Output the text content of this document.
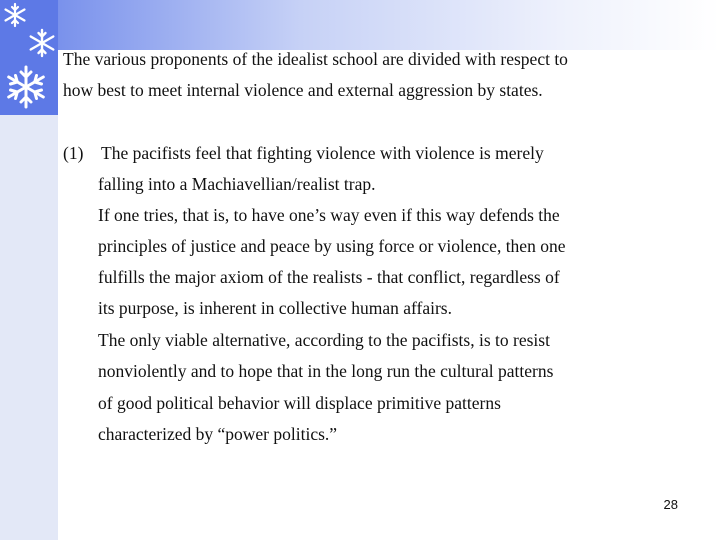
The various proponents of the idealist school are divided with respect to

how best to meet internal violence and external aggression by states.

(1) The pacifists feel that fighting violence with violence is merely

falling into a Machiavellian/realist trap.

If one tries, that is, to have one’s way even if this way defends the

principles of justice and peace by using force or violence, then one

fulfills the major axiom of the realists - that conflict, regardless of

its purpose, is inherent in collective human affairs.

The only viable alternative, according to the pacifists, is to resist

nonviolently and to hope that in the long run the cultural patterns

of good political behavior will displace primitive patterns

characterized by “power politics.”

28
